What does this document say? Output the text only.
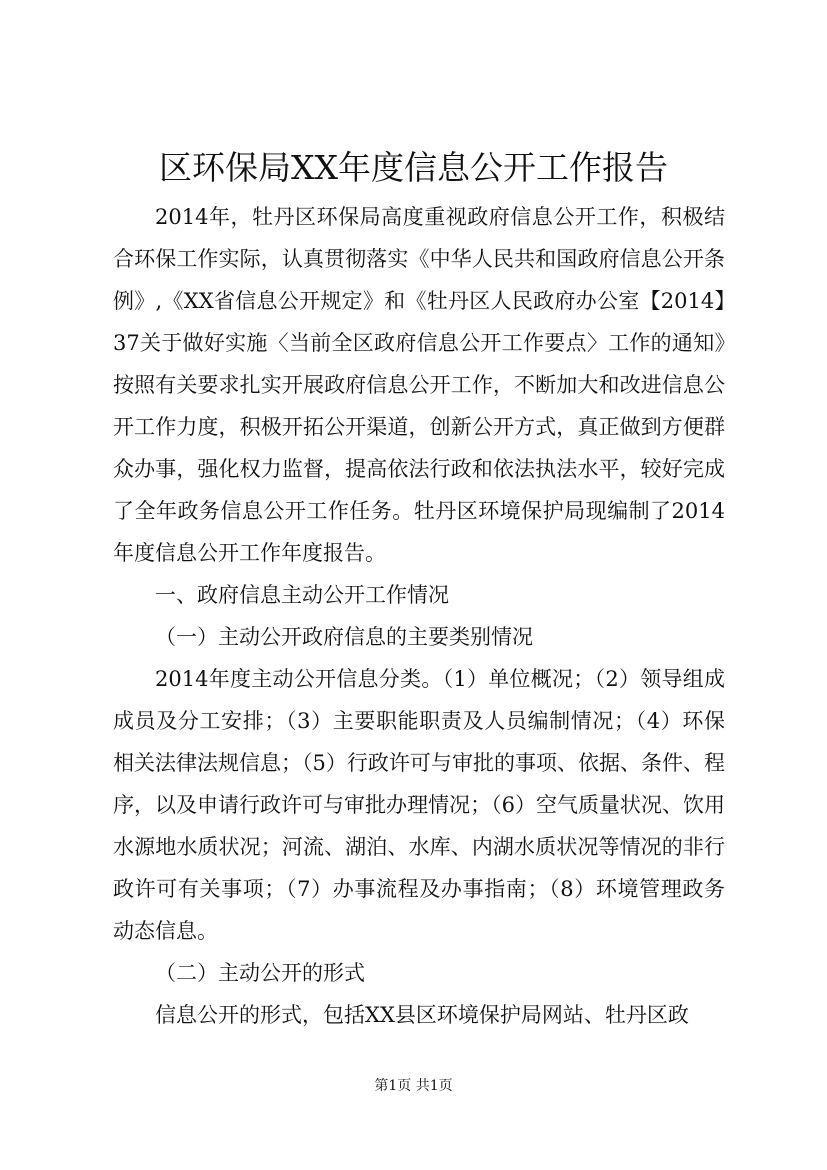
区环保局XX年度信息公开工作报告

2014年，牡丹区环保局高度重视政府信息公开工作，积极结合环保工作实际，认真贯彻落实《中华人民共和国政府信息公开条例》,《XX省信息公开规定》和《牡丹区人民政府办公室【2014】37关于做好实施〈当前全区政府信息公开工作要点〉工作的通知》按照有关要求扎实开展政府信息公开工作，不断加大和改进信息公开工作力度，积极开拓公开渠道，创新公开方式，真正做到方便群众办事，强化权力监督，提高依法行政和依法执法水平，较好完成了全年政务信息公开工作任务。牡丹区环境保护局现编制了2014年度信息公开工作年度报告。

一、政府信息主动公开工作情况

（一）主动公开政府信息的主要类别情况

2014年度主动公开信息分类。（1）单位概况；（2）领导组成成员及分工安排；（3）主要职能职责及人员编制情况；（4）环保相关法律法规信息；（5）行政许可与审批的事项、依据、条件、程序，以及申请行政许可与审批办理情况；（6）空气质量状况、饮用水源地水质状况；河流、湖泊、水库、内湖水质状况等情况的非行政许可有关事项；（7）办事流程及办事指南；（8）环境管理政务动态信息。

（二）主动公开的形式

信息公开的形式，包括XX县区环境保护局网站、牡丹区政

第1页 共1页
